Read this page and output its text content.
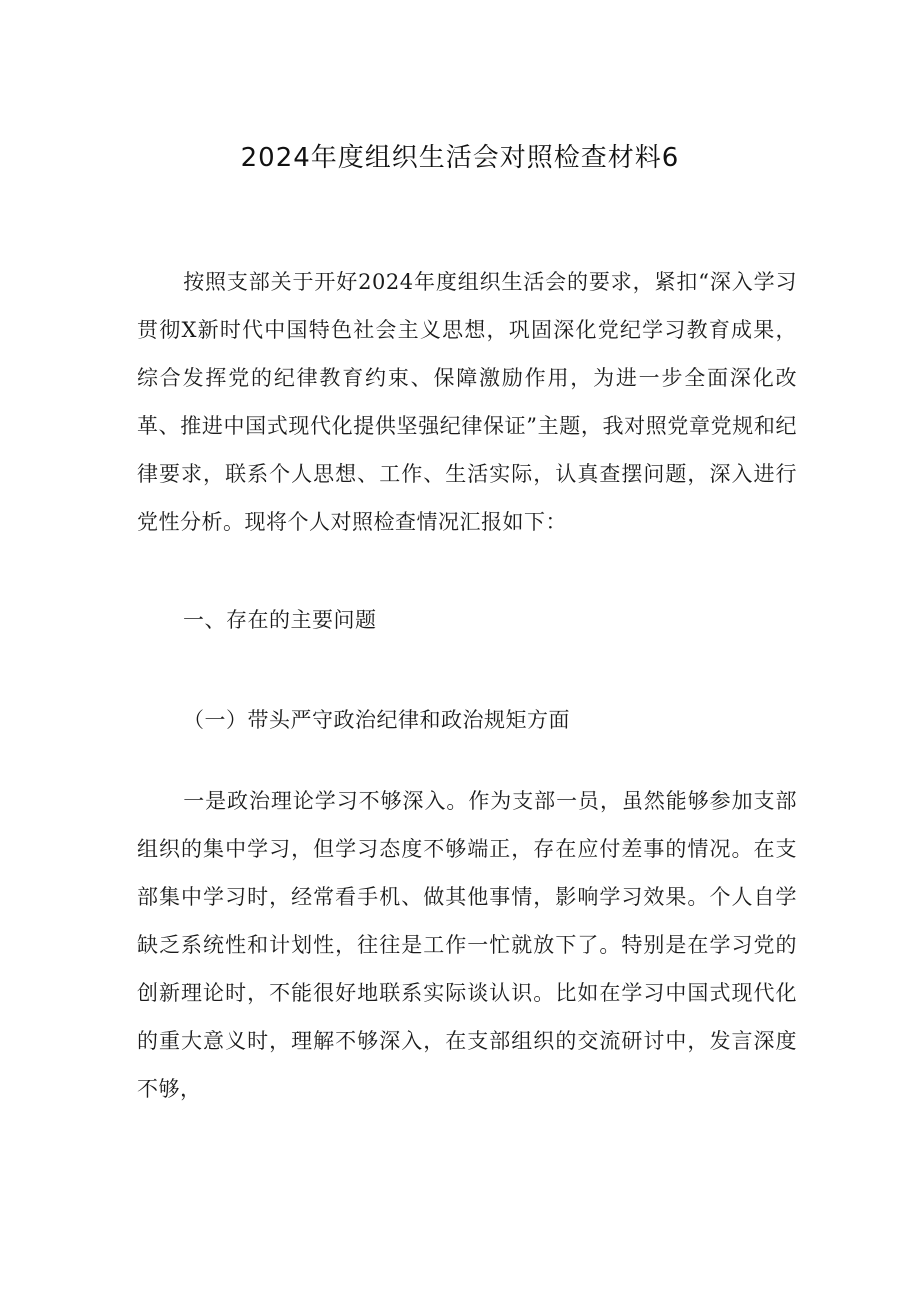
2024年度组织生活会对照检查材料6

按照支部关于开好2024年度组织生活会的要求，紧扣“深入学习贯彻X新时代中国特色社会主义思想，巩固深化党纪学习教育成果，综合发挥党的纪律教育约束、保障激励作用，为进一步全面深化改革、推进中国式现代化提供坚强纪律保证”主题，我对照党章党规和纪律要求，联系个人思想、工作、生活实际，认真查摆问题，深入进行党性分析。现将个人对照检查情况汇报如下：

一、存在的主要问题
（一）带头严守政治纪律和政治规矩方面

一是政治理论学习不够深入。作为支部一员，虽然能够参加支部组织的集中学习，但学习态度不够端正，存在应付差事的情况。在支部集中学习时，经常看手机、做其他事情，影响学习效果。个人自学缺乏系统性和计划性，往往是工作一忙就放下了。特别是在学习党的创新理论时，不能很好地联系实际谈认识。比如在学习中国式现代化的重大意义时，理解不够深入，在支部组织的交流研讨中，发言深度不够，
